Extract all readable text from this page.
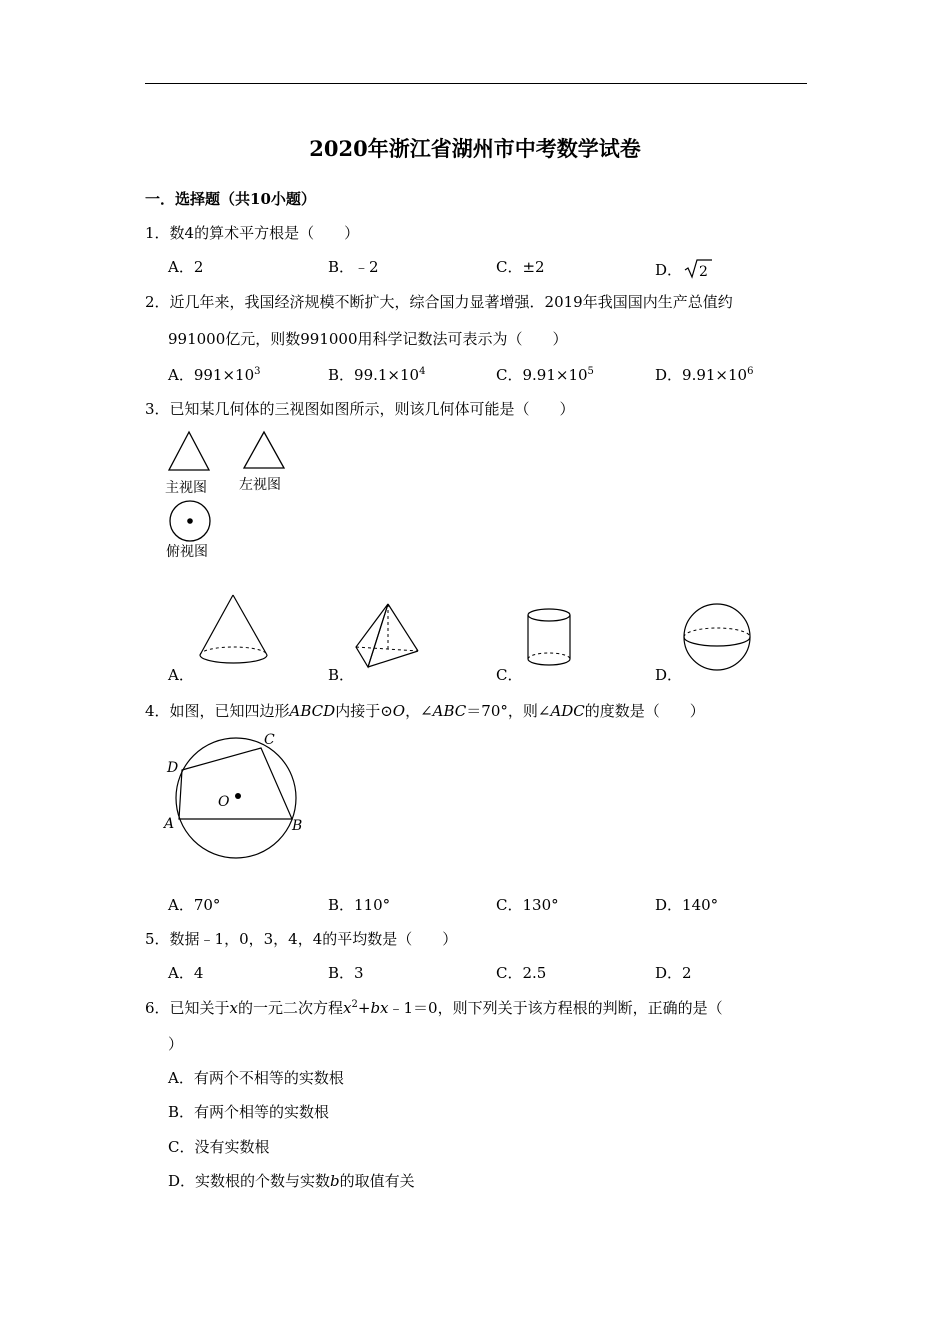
2020年浙江省湖州市中考数学试卷
一．选择题（共10小题）
1．数4的算术平方根是（　　）
A．2	B．﹣2	C．±2	D． 2
2．近几年来，我国经济规模不断扩大，综合国力显著增强．2019年我国国内生产总值约
991000亿元，则数991000用科学记数法可表示为（　　）
A．$991\times 10^3$	B．$99.1\times 10^4$	C．$9.91\times 10^5$	D．$9.91\times 10^6$
3．已知某几何体的三视图如图所示，则该几何体可能是（　　）
主视图 左视图
俯视图
A．	B．	C．	D．
4．如图，已知四边形ABCD内接于⊙O，∠ABC＝70°，则∠ADC的度数是（　　）
C
D
O
A	B
A．70°	B．110°	C．130°	D．140°
5．数据﹣1，0，3，4，4的平均数是（　　）
A．4	B．3	C．2.5	D．2
6．已知关于x的一元二次方程$x^2+bx﹣1=0$，则下列关于该方程根的判断，正确的是（
）
A．有两个不相等的实数根
B．有两个相等的实数根
C．没有实数根
D．实数根的个数与实数b的取值有关
